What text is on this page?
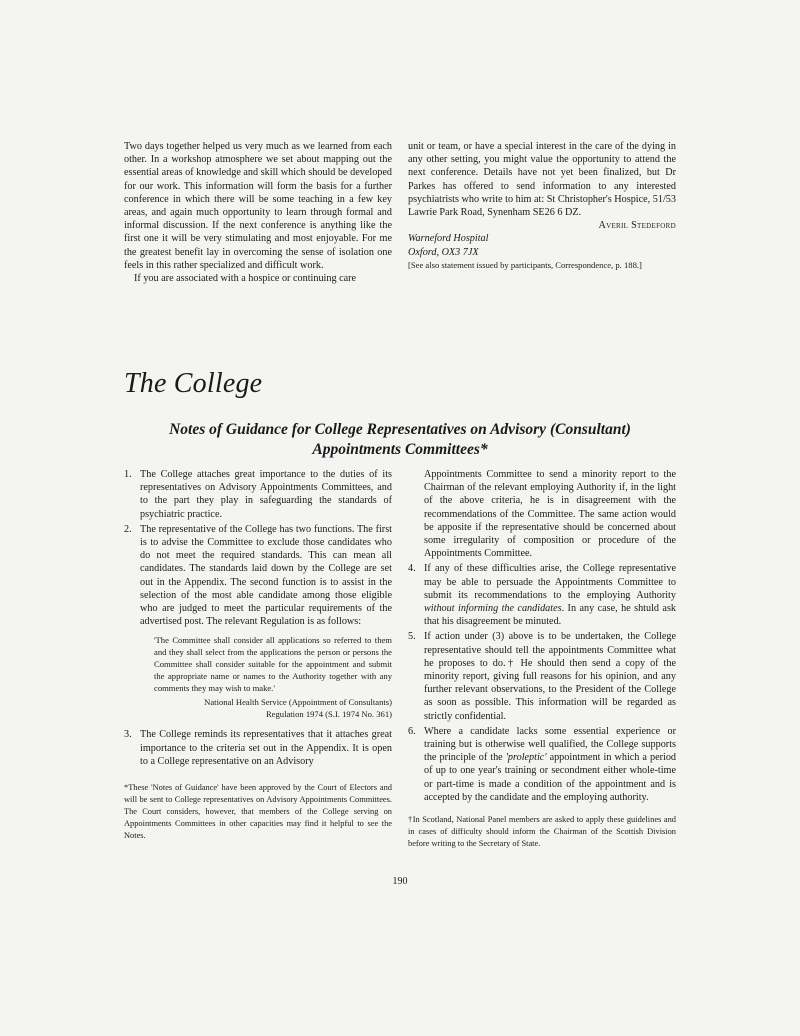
Two days together helped us very much as we learned from each other. In a workshop atmosphere we set about mapping out the essential areas of knowledge and skill which should be developed for our work. This information will form the basis for a further conference in which there will be some teaching in a few key areas, and again much opportunity to learn through formal and informal discussion. If the next conference is anything like the first one it will be very stimulating and most enjoyable. For me the greatest benefit lay in overcoming the sense of isolation one feels in this rather specialized and difficult work.

If you are associated with a hospice or continuing care

unit or team, or have a special interest in the care of the dying in any other setting, you might value the opportunity to attend the next conference. Details have not yet been finalized, but Dr Parkes has offered to send information to any interested psychiatrists who write to him at: St Christopher's Hospice, 51/53 Lawrie Park Road, Synenham SE26 6 DZ.

Averil Stedeford

Warneford Hospital

Oxford, OX3 7JX

[See also statement issued by participants, Correspondence, p. 188.]

The College
Notes of Guidance for College Representatives on Advisory (Consultant)
Appointments Committees*
1. The College attaches great importance to the duties of its representatives on Advisory Appointments Committees, and to the part they play in safeguarding the standards of psychiatric practice.
2. The representative of the College has two functions. The first is to advise the Committee to exclude those candidates who do not meet the required standards. This can mean all candidates. The standards laid down by the College are set out in the Appendix. The second function is to assist in the selection of the most able candidate among those eligible who are judged to meet the particular requirements of the advertised post. The relevant Regulation is as follows:
'The Committee shall consider all applications so referred to them and they shall select from the applications the person or persons the Committee shall consider suitable for the appointment and submit the appropriate name or names to the Authority together with any comments they may wish to make.'
National Health Service (Appointment of Consultants)
Regulation 1974 (S.I. 1974 No. 361)
3. The College reminds its representatives that it attaches great importance to the criteria set out in the Appendix. It is open to a College representative on an Advisory

*These 'Notes of Guidance' have been approved by the Court of Electors and will be sent to College representatives on Advisory Appointments Committees. The Court considers, however, that members of the College serving on Appointments Committees in other capacities may find it helpful to see the Notes.

Appointments Committee to send a minority report to the Chairman of the relevant employing Authority if, in the light of the above criteria, he is in disagreement with the recommendations of the Committee. The same action would be apposite if the representative should be concerned about some irregularity of composition or procedure of the Appointments Committee.
4. If any of these difficulties arise, the College representative may be able to persuade the Appointments Committee to submit its recommendations to the employing Authority without informing the candidates. In any case, he shtuld ask that his disagreement be minuted.
5. If action under (3) above is to be undertaken, the College representative should tell the appointments Committee what he proposes to do.† He should then send a copy of the minority report, giving full reasons for his opinion, and any further relevant observations, to the President of the College as soon as possible. This information will be regarded as strictly confidential.
6. Where a candidate lacks some essential experience or training but is otherwise well qualified, the College supports the principle of the 'proleptic' appointment in which a period of up to one year's training or secondment either whole-time or part-time is made a condition of the appointment and is accepted by the candidate and the employing authority.

†In Scotland, National Panel members are asked to apply these guidelines and in cases of difficulty should inform the Chairman of the Scottish Division before writing to the Secretary of State.

190
